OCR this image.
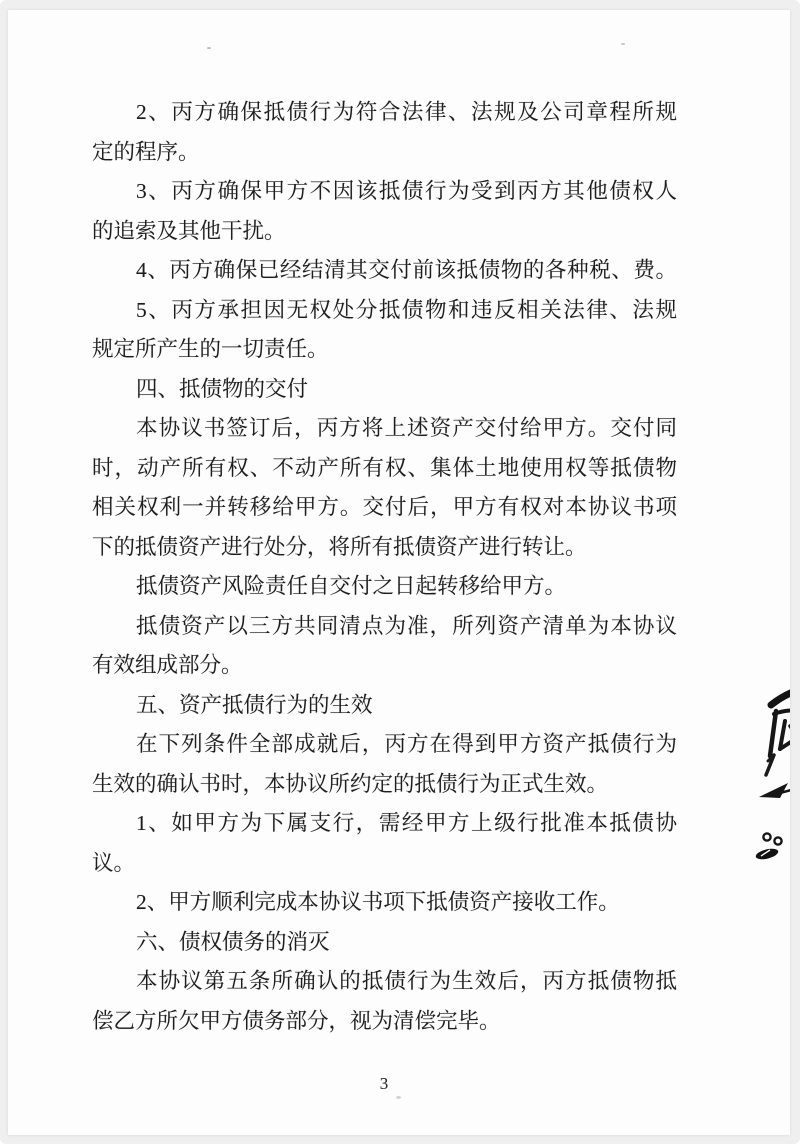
2、丙方确保抵债行为符合法律、法规及公司章程所规
定的程序。
3、丙方确保甲方不因该抵债行为受到丙方其他债权人
的追索及其他干扰。
4、丙方确保已经结清其交付前该抵债物的各种税、费。
5、丙方承担因无权处分抵债物和违反相关法律、法规
规定所产生的一切责任。
四、抵债物的交付
本协议书签订后，丙方将上述资产交付给甲方。交付同
时，动产所有权、不动产所有权、集体土地使用权等抵债物
相关权利一并转移给甲方。交付后，甲方有权对本协议书项
下的抵债资产进行处分，将所有抵债资产进行转让。
抵债资产风险责任自交付之日起转移给甲方。
抵债资产以三方共同清点为准，所列资产清单为本协议
有效组成部分。
五、资产抵债行为的生效
在下列条件全部成就后，丙方在得到甲方资产抵债行为
生效的确认书时，本协议所约定的抵债行为正式生效。
1、如甲方为下属支行，需经甲方上级行批准本抵债协
议。
2、甲方顺利完成本协议书项下抵债资产接收工作。
六、债权债务的消灭
本协议第五条所确认的抵债行为生效后，丙方抵债物抵
偿乙方所欠甲方债务部分，视为清偿完毕。
3
